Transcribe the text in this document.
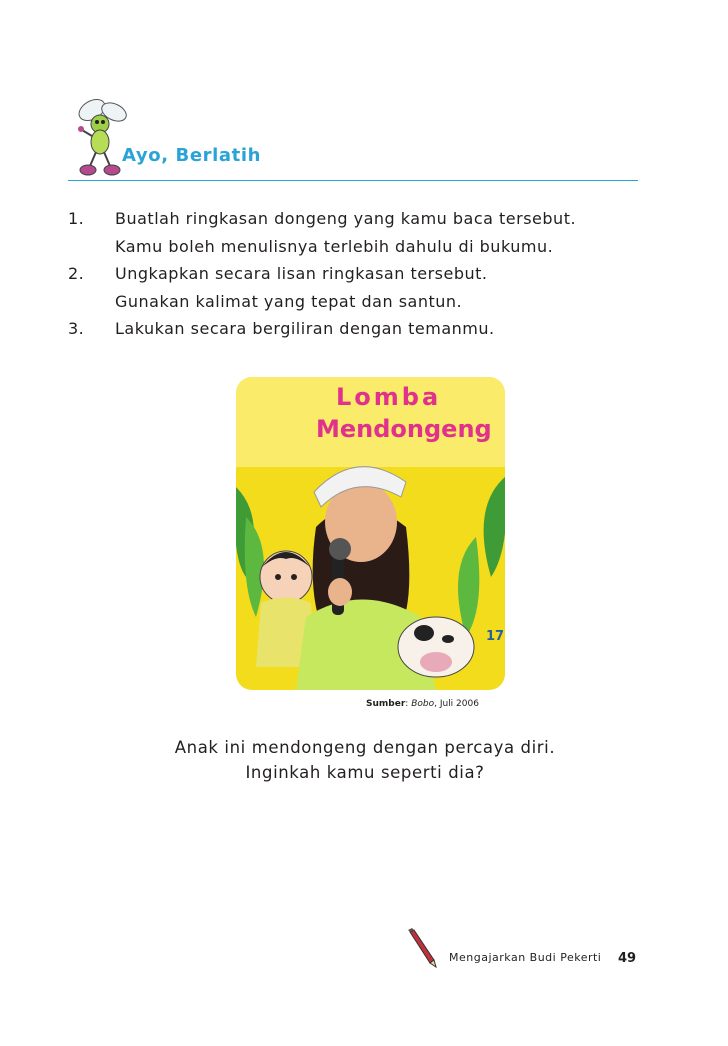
Ayo, Berlatih
1. Buatlah ringkasan dongeng yang kamu baca tersebut.
Kamu boleh menulisnya terlebih dahulu di bukumu.
2. Ungkapkan secara lisan ringkasan tersebut.
Gunakan kalimat yang tepat dan santun.
3. Lakukan secara bergiliran dengan temanmu.
Lomba
Mendongeng
17
Sumber: Bobo, Juli 2006
Anak ini mendongeng dengan percaya diri.
Inginkah kamu seperti dia?
Mengajarkan Budi Pekerti 49
